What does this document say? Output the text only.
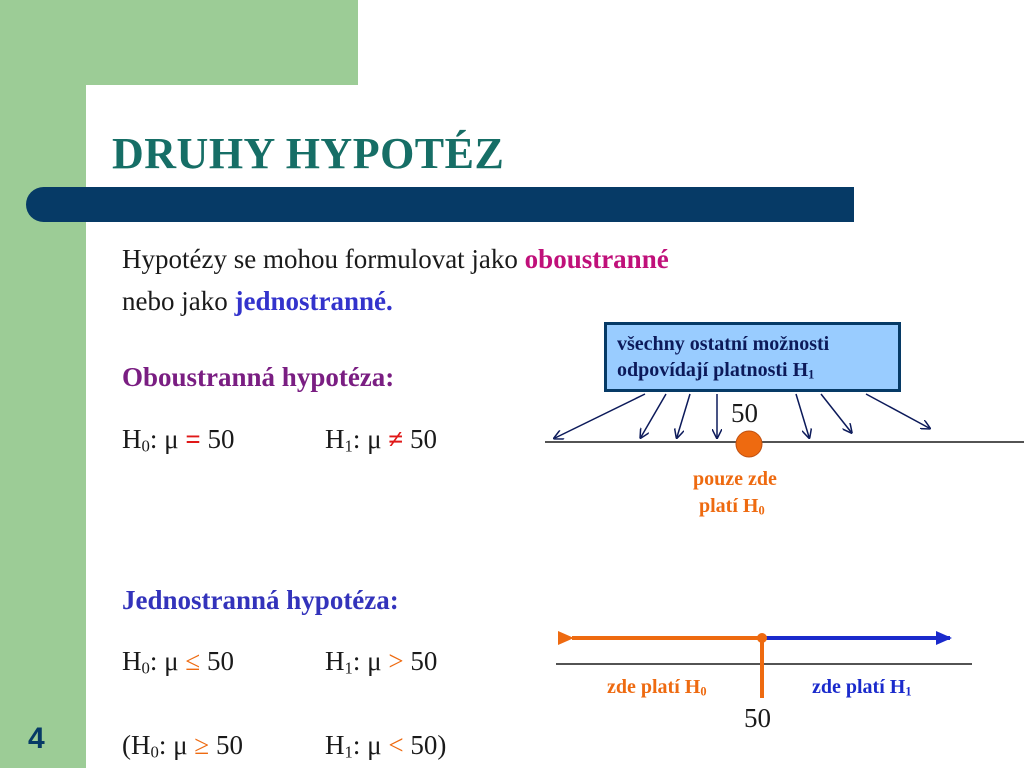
DRUHY HYPOTÉZ
Hypotézy se mohou formulovat jako oboustranné
nebo jako jednostranné.
Oboustranná hypotéza:
$H_0$: μ = 50	$H_1$: μ ≠ 50
Jednostranná hypotéza:
$H_0$: μ ≤ 50	$H_1$: μ > 50
($H_0$: μ ≥ 50	$H_1$: μ < 50)
všechny ostatní možnosti
odpovídají platnosti $H_1$
50
pouze zde
platí $H_0$
zde platí $H_0$	zde platí $H_1$
50
4
